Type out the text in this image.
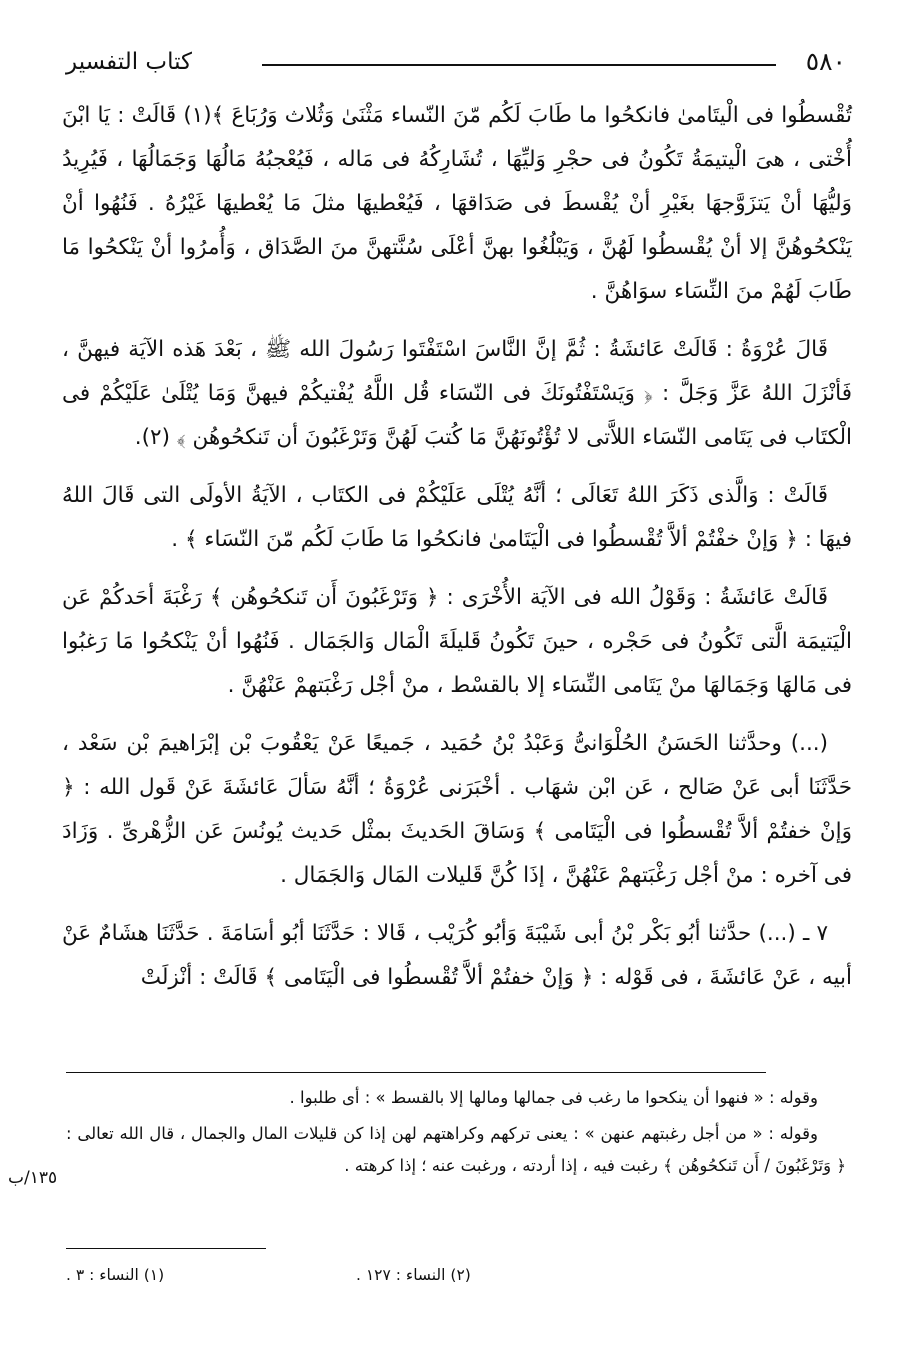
٥٨٠
كتاب التفسير

تُقْسطُوا فى الْيتَامىٰ فانكحُوا ما طَابَ لَكُم مّنَ النّساء مَثْنَىٰ وَثُلاث وَرُبَاعَ ﴾(١) قَالَتْ : يَا ابْنَ أُخْتى ، هىَ الْيتيمَةُ تَكُونُ فى حجْرِ وَليِّهَا ، تُشَارِكُهُ فى مَاله ، فَيُعْجبُهُ مَالُهَا وَجَمَالُهَا ، فَيُرِيدُ وَليُّهَا أنْ يَتزَوَّجهَا بغَيْرِ أنْ يُقْسطَ فى صَدَاقهَا ، فَيُعْطيهَا مثلَ مَا يُعْطيهَا غَيْرُهُ . فَنُهُوا أنْ يَنْكحُوهُنَّ إلا أنْ يُقْسطُوا لَهُنَّ ، وَيَبْلُغُوا بهنَّ أعْلَى سُنَّتهنَّ منَ الصَّدَاق ، وَأُمرُوا أنْ يَنْكحُوا مَا طَابَ لَهُمْ منَ النِّسَاء سوَاهُنَّ .

قَالَ عُرْوَةُ : قَالَتْ عَائشَةُ : ثُمَّ إنَّ النَّاسَ اسْتَفْتَوا رَسُولَ الله ﷺ ، بَعْدَ هَذه الآيَة فيهنَّ ، فَأنْزَلَ اللهُ عَزَّ وَجَلَّ : ﴿ وَيَسْتَفْتُونَكَ فى النّسَاء قُل اللَّهُ يُفْتيكُمْ فيهنَّ وَمَا يُتْلَىٰ عَلَيْكُمْ فى الْكتَاب فى يَتَامى النّسَاء اللاَّتى لا تُؤْتُونَهُنَّ مَا كُتبَ لَهُنَّ وَتَرْغَبُونَ أن تَنكحُوهُن ﴾ (٢).

قَالَتْ : وَالَّذى ذَكَرَ اللهُ تَعَالَى ؛ أنَّهُ يُتْلَى عَلَيْكُمْ فى الكتَاب ، الآيَةُ الأولَى التى قَالَ اللهُ فيهَا : ﴿ وَإنْ خفْتُمْ ألاَّ تُقْسطُوا فى الْيَتَامىٰ فانكحُوا مَا طَابَ لَكُم مّنَ النّسَاء ﴾ .

قَالَتْ عَائشَةُ : وَقَوْلُ الله فى الآيَة الأُخْرَى : ﴿ وَتَرْغَبُونَ أَن تَنكحُوهُن ﴾ رَغْبَةَ أحَدكُمْ عَن الْيَتيمَة الَّتى تَكُونُ فى حَجْره ، حينَ تَكُونُ قَليلَةَ الْمَال وَالجَمَال . فَنُهُوا أنْ يَنْكحُوا مَا رَغبُوا فى مَالهَا وَجَمَالهَا منْ يَتَامى النِّسَاء إلا بالقسْط ، منْ أجْل رَغْبَتهمْ عَنْهُنَّ .

(...) وحدَّثنا الحَسَنُ الحُلْوَانىُّ وَعَبْدُ بْنُ حُمَيد ، جَميعًا عَنْ يَعْقُوبَ بْن إبْرَاهيمَ بْن سَعْد ، حَدَّثَنَا أبى عَنْ صَالح ، عَن ابْن شهَاب . أخْبَرَنى عُرْوَةُ ؛ أنَّهُ سَألَ عَائشَةَ عَنْ قَول الله : ﴿ وَإنْ خفتُمْ ألاَّ تُقْسطُوا فى الْيَتَامى ﴾ وَسَاقَ الحَديثَ بمثْل حَديث يُونُسَ عَن الزُّهْرىِّ . وَزَادَ فى آخره : منْ أجْل رَغْبَتهمْ عَنْهُنَّ ، إذَا كُنَّ قَليلات المَال وَالجَمَال .

٧ ـ (...) حدَّثنا أبُو بَكْر بْنُ أبى شَيْبَةَ وَأبُو كُرَيْب ، قَالا : حَدَّثَنَا أبُو أسَامَةَ . حَدَّثَنَا هشَامٌ عَنْ أبيه ، عَنْ عَائشَةَ ، فى قَوْله : ﴿ وَإنْ خفتُمْ ألاَّ تُقْسطُوا فى الْيَتَامى ﴾ قَالَتْ : أنْزلَتْ

وقوله : « فنهوا أن ينكحوا ما رغب فى جمالها ومالها إلا بالقسط » : أى طلبوا .

وقوله : « من أجل رغبتهم عنهن » : يعنى تركهم وكراهتهم لهن إذا كن قليلات المال والجمال ، قال الله تعالى : ﴿ وَتَرْغَبُونَ / أَن تَنكحُوهُن ﴾ رغبت فيه ، إذا أردته ، ورغبت عنه ؛ إذا كرهته .

١٣٥/ب
(١) النساء : ٣ .	(٢) النساء : ١٢٧ .
